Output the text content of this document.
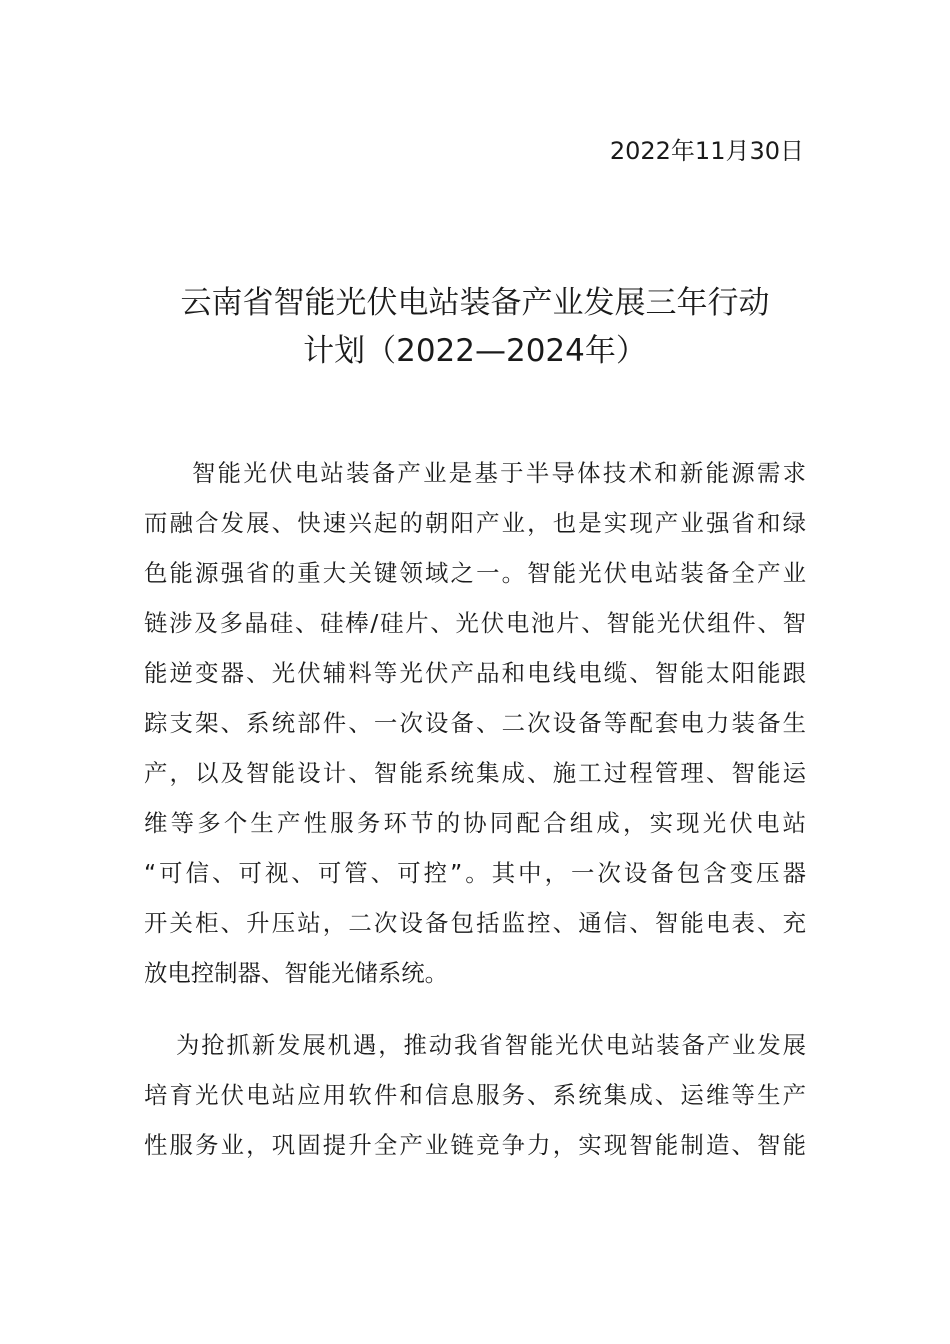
2022年11月30日
云南省智能光伏电站装备产业发展三年行动
计划（2022—2024年）
智能光伏电站装备产业是基于半导体技术和新能源需求
而融合发展、快速兴起的朝阳产业，也是实现产业强省和绿
色能源强省的重大关键领域之一。智能光伏电站装备全产业
链涉及多晶硅、硅棒/硅片、光伏电池片、智能光伏组件、智
能逆变器、光伏辅料等光伏产品和电线电缆、智能太阳能跟
踪支架、系统部件、一次设备、二次设备等配套电力装备生
产，以及智能设计、智能系统集成、施工过程管理、智能运
维等多个生产性服务环节的协同配合组成，实现光伏电站
“可信、可视、可管、可控”。其中，一次设备包含变压器
开关柜、升压站，二次设备包括监控、通信、智能电表、充
放电控制器、智能光储系统。
为抢抓新发展机遇，推动我省智能光伏电站装备产业发展
培育光伏电站应用软件和信息服务、系统集成、运维等生产
性服务业，巩固提升全产业链竞争力，实现智能制造、智能
